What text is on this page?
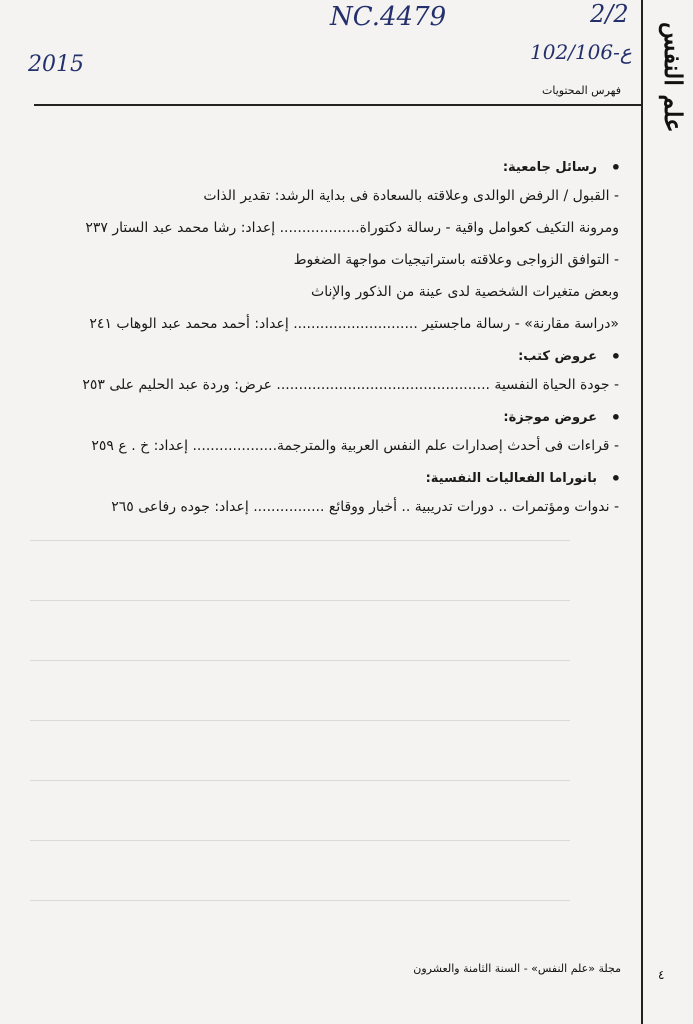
علم النفس
NC.4479	2/2
102/106-ع
2015
فهرس المحتويات
• رسائل جامعية:
- القبول / الرفض الوالدى وعلاقته بالسعادة فى بداية الرشد: تقدير الذات
ومرونة التكيف كعوامل واقية - رسالة دكتوراة.................. إعداد: رشا محمد عبد الستار ٢٣٧
- التوافق الزواجى وعلاقته باستراتيجيات مواجهة الضغوط
وبعض متغيرات الشخصية لدى عينة من الذكور والإناث
«دراسة مقارنة» - رسالة ماجستير ............................ إعداد: أحمد محمد عبد الوهاب ٢٤١
• عروض كتب:
- جودة الحياة النفسية ................................................ عرض: وردة عبد الحليم على ٢٥٣
• عروض موجزة:
- قراءات فى أحدث إصدارات علم النفس العربية والمترجمة................... إعداد: خ . ع ٢٥٩
• بانوراما الفعاليات النفسية:
- ندوات ومؤتمرات .. دورات تدريبية .. أخبار ووقائع ................ إعداد: جوده رفاعى ٢٦٥
مجلة «علم النفس» - السنة الثامنة والعشرون	٤
